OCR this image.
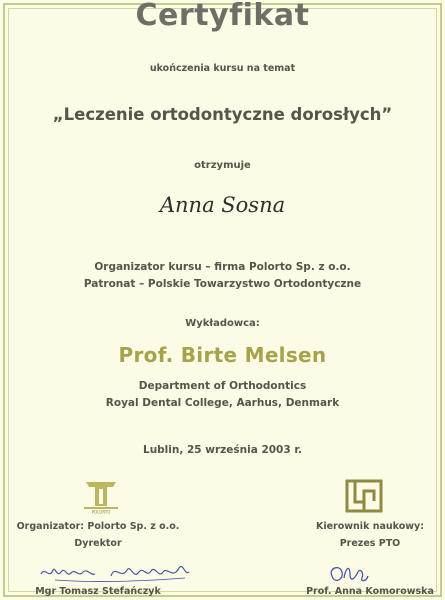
Certyfikat
ukończenia kursu na temat
„Leczenie ortodontyczne dorosłych”
otrzymuje
Anna Sosna
Organizator kursu – firma Polorto Sp. z o.o.
Patronat – Polskie Towarzystwo Ortodontyczne
Wykładowca:
Prof. Birte Melsen
Department of Orthodontics
Royal Dental College, Aarhus, Denmark
Lublin, 25 września 2003 r.
POLORTO
Organizator: Polorto Sp. z o.o.
Dyrektor
Mgr Tomasz Stefańczyk
Kierownik naukowy:
Prezes PTO
Prof. Anna Komorowska
